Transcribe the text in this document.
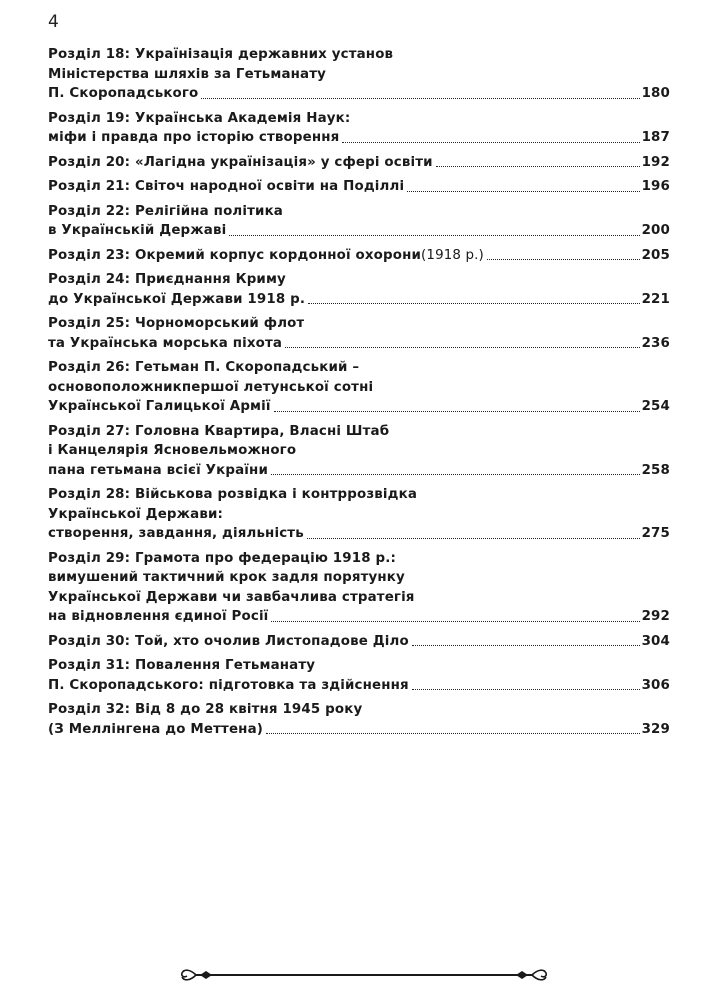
4
Розділ 18: Українізація державних установ
Міністерства шляхів за Гетьманату
П. Скоропадського	180
Розділ 19: Українська Академія Наук:
міфи і правда про історію створення	187
Розділ 20: «Лагідна українізація» у сфері освіти	192
Розділ 21: Світоч народної освіти на Поділлі	196
Розділ 22: Релігійна політика
в Українській Державі	200
Розділ 23: Окремий корпус кордонної охорони (1918 р.)	205
Розділ 24: Приєднання Криму
до Української Держави 1918 р.	221
Розділ 25: Чорноморський флот
та Українська морська піхота	236
Розділ 26: Гетьман П. Скоропадський –
основоположникпершої летунської сотні
Української Галицької Армії	254
Розділ 27: Головна Квартира, Власні Штаб
і Канцелярія Ясновельможного
пана гетьмана всієї України	258
Розділ 28: Військова розвідка і контррозвідка
Української Держави:
створення, завдання, діяльність	275
Розділ 29: Грамота про федерацію 1918 р.:
вимушений тактичний крок задля порятунку
Української Держави чи завбачлива стратегія
на відновлення єдиної Росії	292
Розділ 30: Той, хто очолив Листопадове Діло	304
Розділ 31: Повалення Гетьманату
П. Скоропадського: підготовка та здійснення	306
Розділ 32: Від 8 до 28 квітня 1945 року
(З Меллінгена до Меттена)	329
